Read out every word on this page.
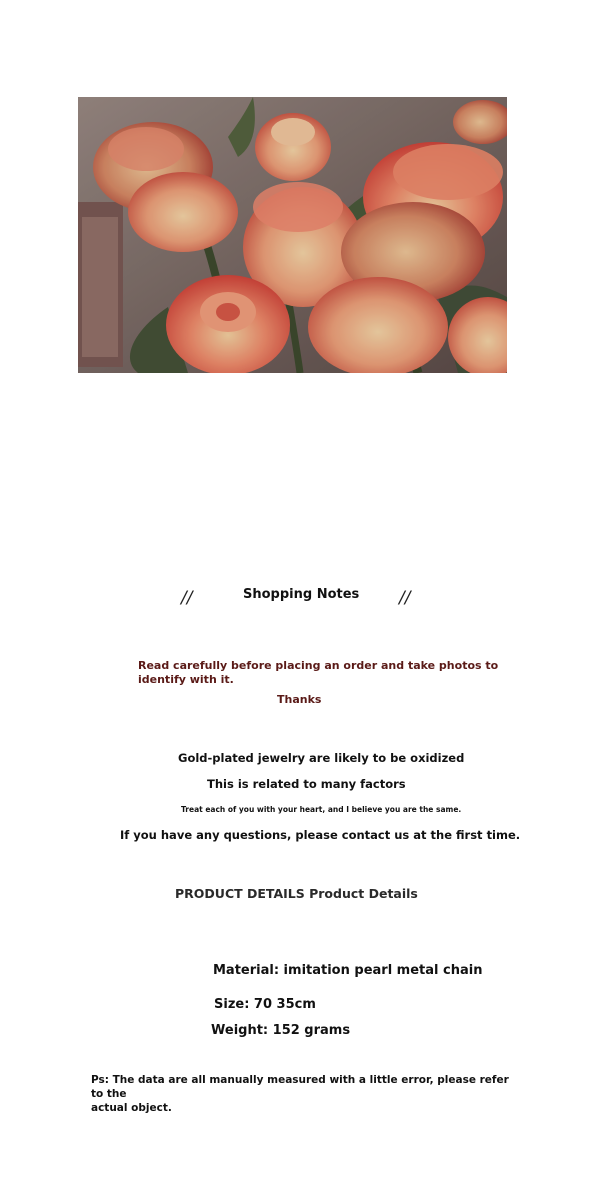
//	Shopping Notes //
Read carefully before placing an order and take photos to
identify with it.
Thanks
Gold-plated jewelry are likely to be oxidized
This is related to many factors
Treat each of you with your heart, and I believe you are the same.
If you have any questions, please contact us at the first time.
PRODUCT DETAILS Product Details
Material: imitation pearl metal chain
Size: 70 35cm
Weight: 152 grams
Ps: The data are all manually measured with a little error, please refer to the
actual object.
